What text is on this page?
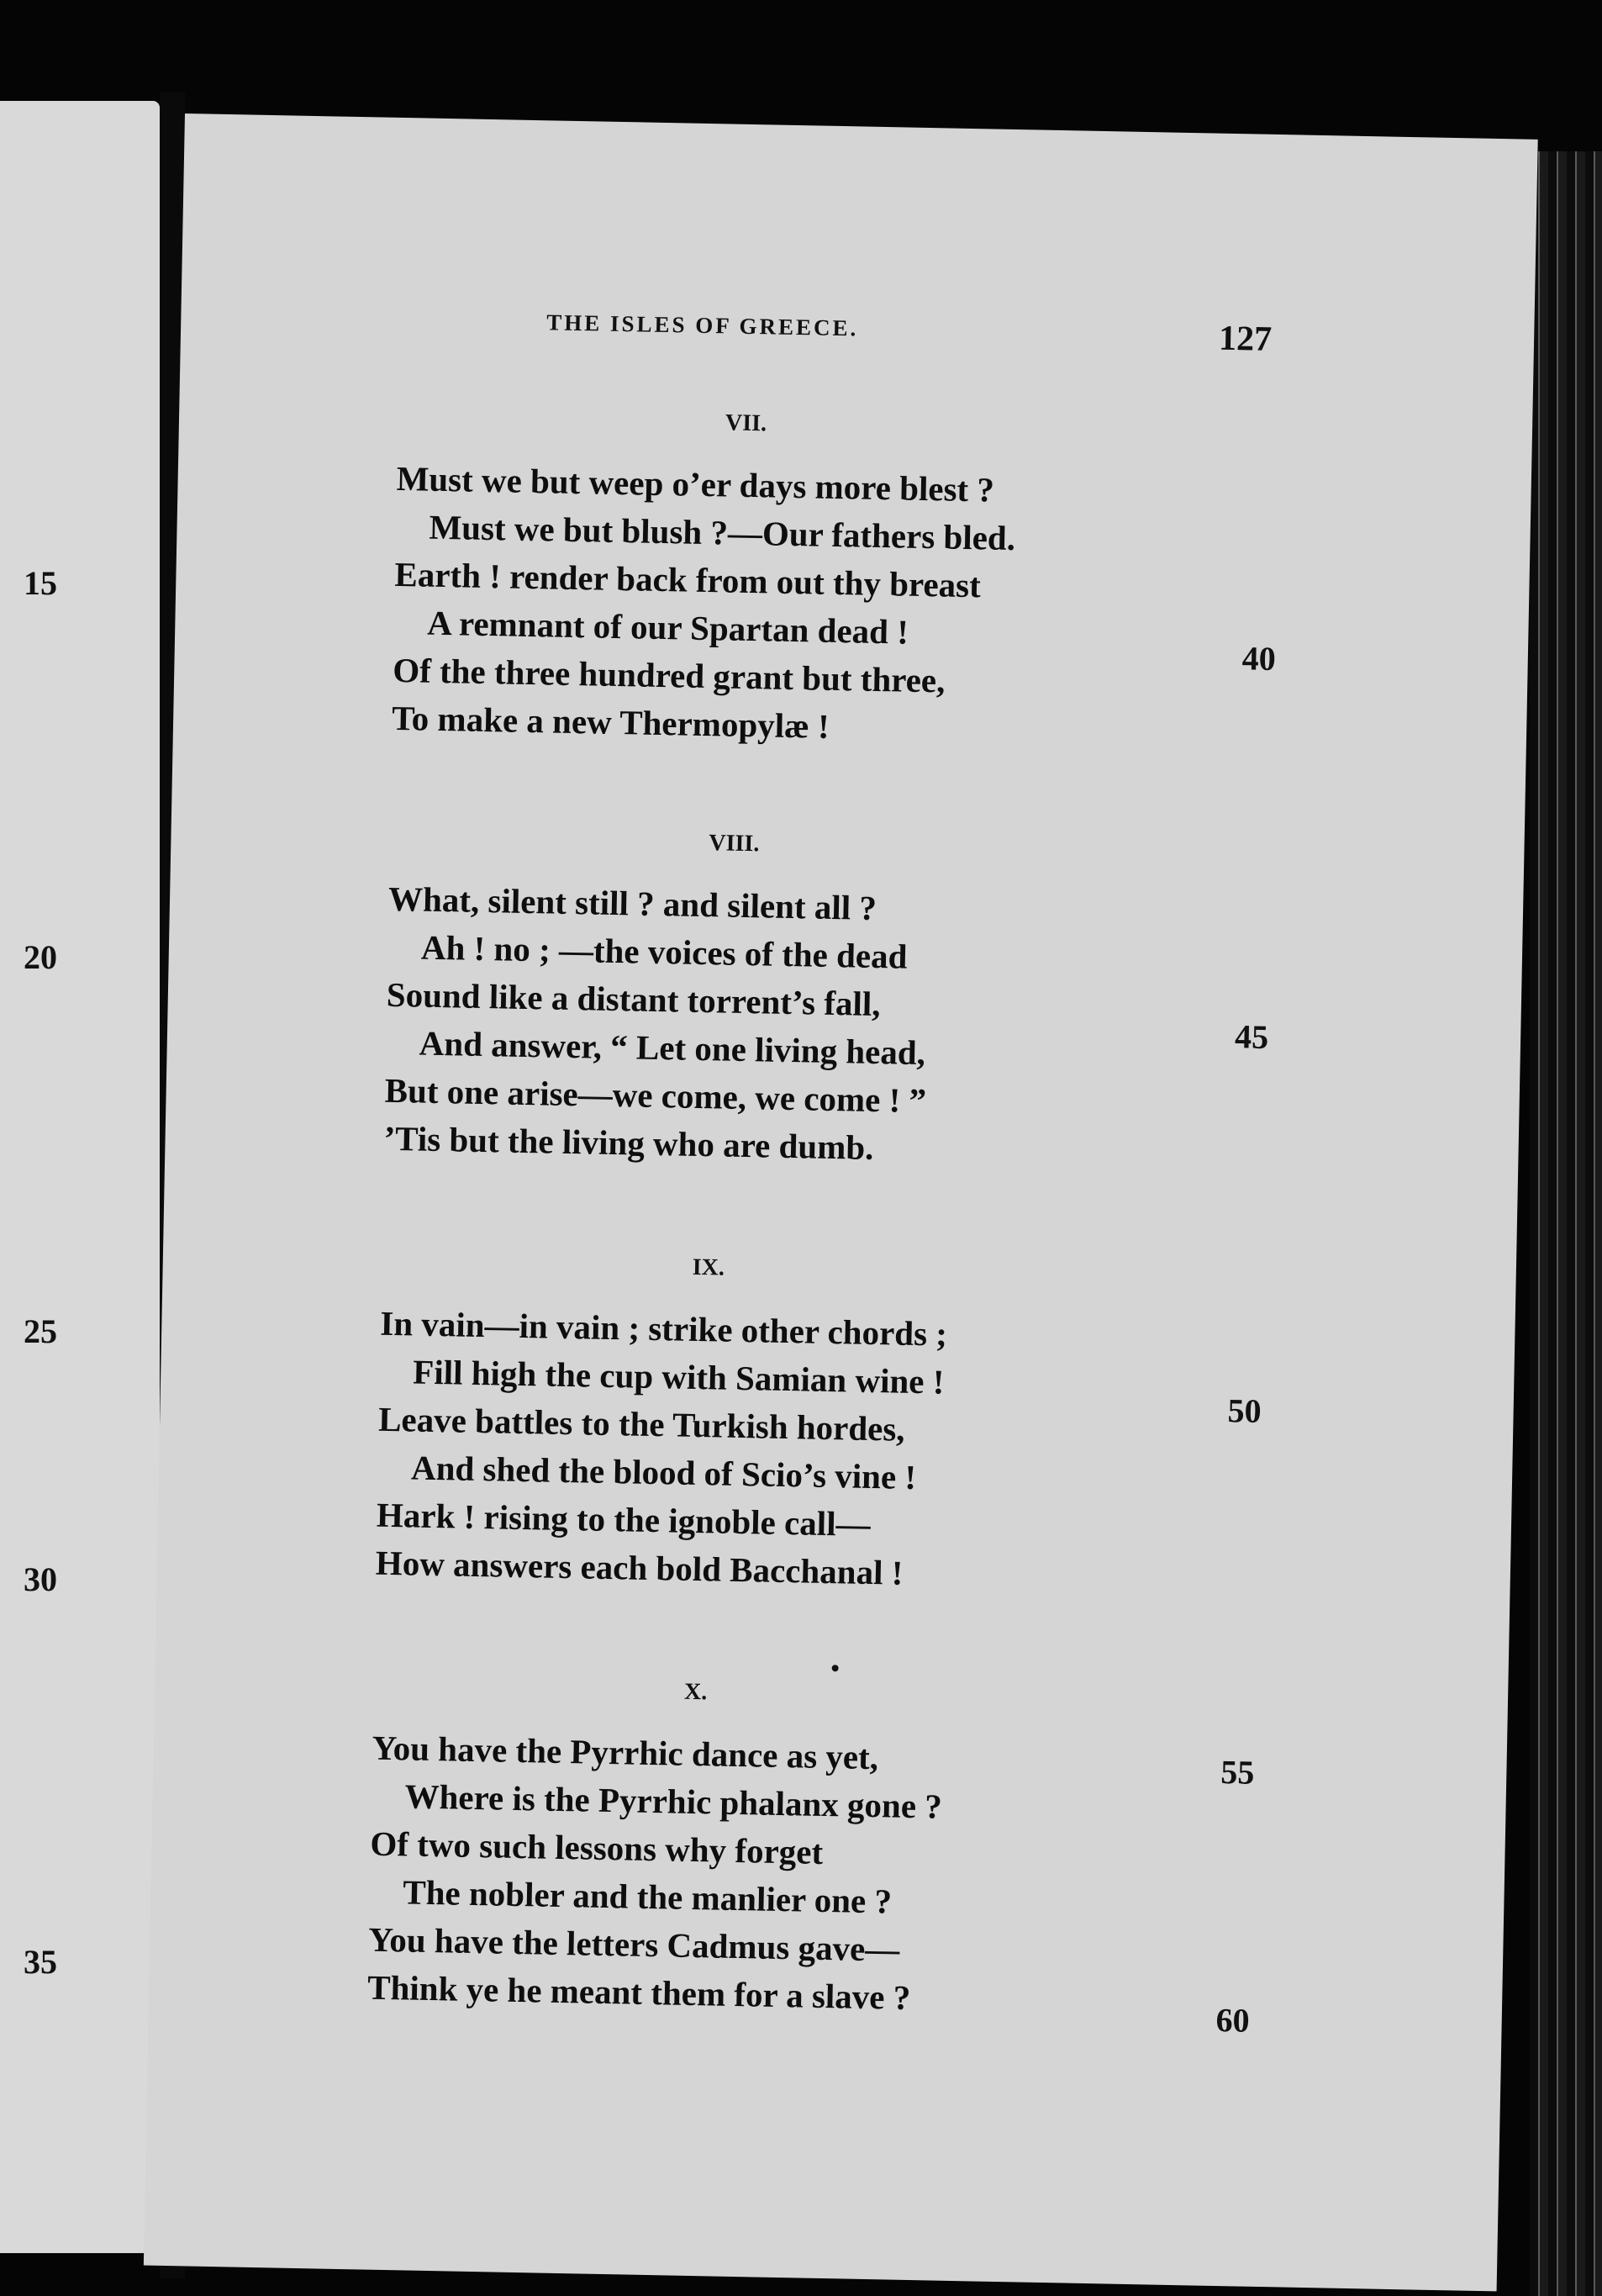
15
20
25
30
35
THE ISLES OF GREECE.	127
VII.
Must we but weep o’er days more blest ?
Must we but blush ?—Our fathers bled.
Earth ! render back from out thy breast
A remnant of our Spartan dead !
Of the three hundred grant but three,
To make a new Thermopylæ !
40
VIII.
What, silent still ? and silent all ?
Ah ! no ; —the voices of the dead
Sound like a distant torrent’s fall,
And answer, “ Let one living head,
But one arise—we come, we come ! ”
’Tis but the living who are dumb.
45
IX.
In vain—in vain ; strike other chords ;
Fill high the cup with Samian wine !
Leave battles to the Turkish hordes,
And shed the blood of Scio’s vine !
Hark ! rising to the ignoble call—
How answers each bold Bacchanal !
50
X.
You have the Pyrrhic dance as yet,
Where is the Pyrrhic phalanx gone ?
Of two such lessons why forget
The nobler and the manlier one ?
You have the letters Cadmus gave—
Think ye he meant them for a slave ?
55
60
